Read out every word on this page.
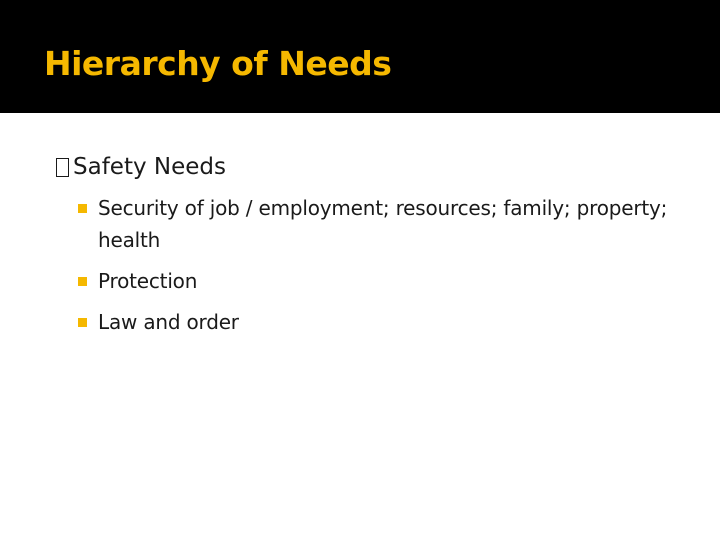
Hierarchy of Needs
Safety Needs
Security of job / employment; resources; family; property; health
Protection
Law and order
